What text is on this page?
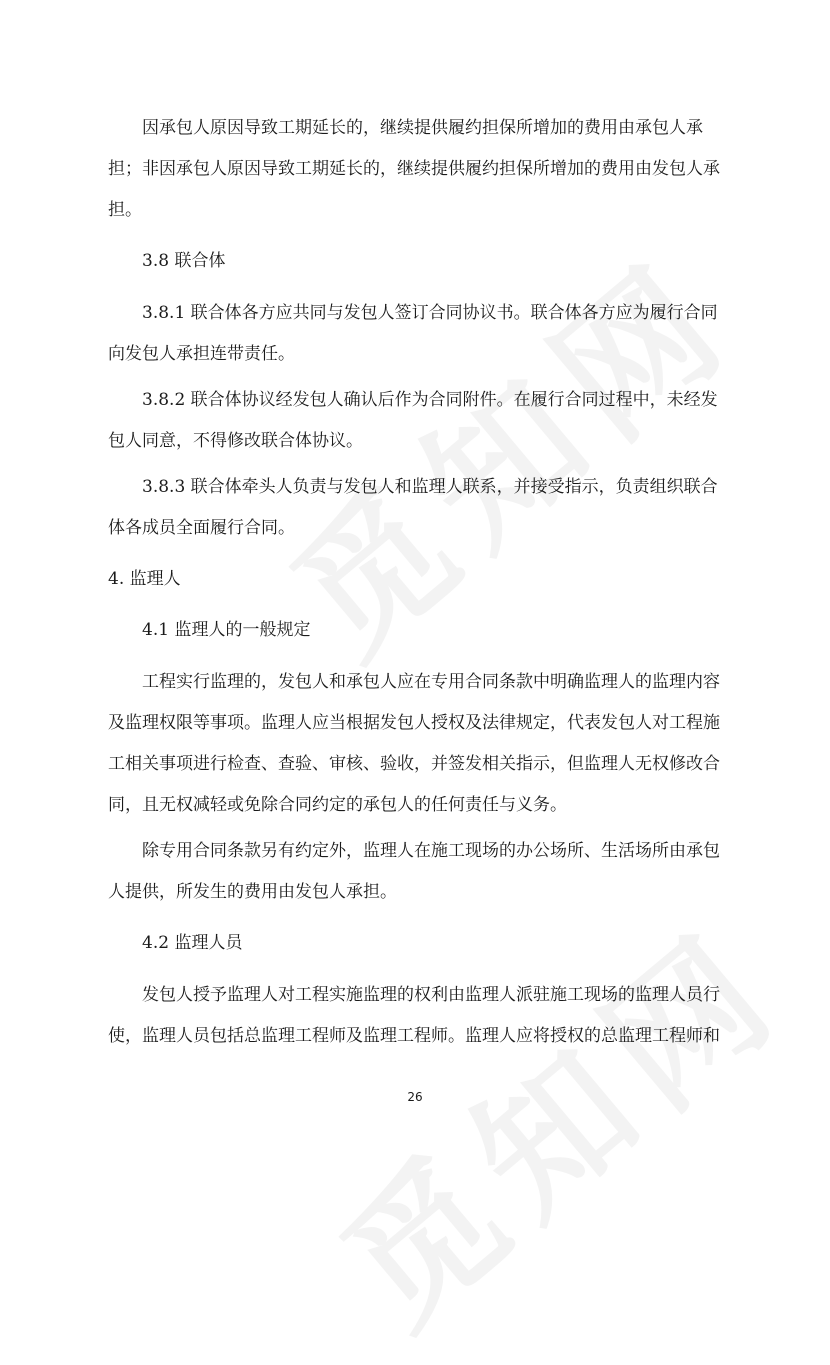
因承包人原因导致工期延长的，继续提供履约担保所增加的费用由承包人承
担；非因承包人原因导致工期延长的，继续提供履约担保所增加的费用由发包人承
担。
3.8 联合体
3.8.1 联合体各方应共同与发包人签订合同协议书。联合体各方应为履行合同
向发包人承担连带责任。
3.8.2 联合体协议经发包人确认后作为合同附件。在履行合同过程中，未经发
包人同意，不得修改联合体协议。
3.8.3 联合体牵头人负责与发包人和监理人联系，并接受指示，负责组织联合
体各成员全面履行合同。
4. 监理人
4.1 监理人的一般规定
工程实行监理的，发包人和承包人应在专用合同条款中明确监理人的监理内容
及监理权限等事项。监理人应当根据发包人授权及法律规定，代表发包人对工程施
工相关事项进行检查、查验、审核、验收，并签发相关指示，但监理人无权修改合
同，且无权减轻或免除合同约定的承包人的任何责任与义务。
除专用合同条款另有约定外，监理人在施工现场的办公场所、生活场所由承包
人提供，所发生的费用由发包人承担。
4.2 监理人员
发包人授予监理人对工程实施监理的权利由监理人派驻施工现场的监理人员行
使，监理人员包括总监理工程师及监理工程师。监理人应将授权的总监理工程师和
26
